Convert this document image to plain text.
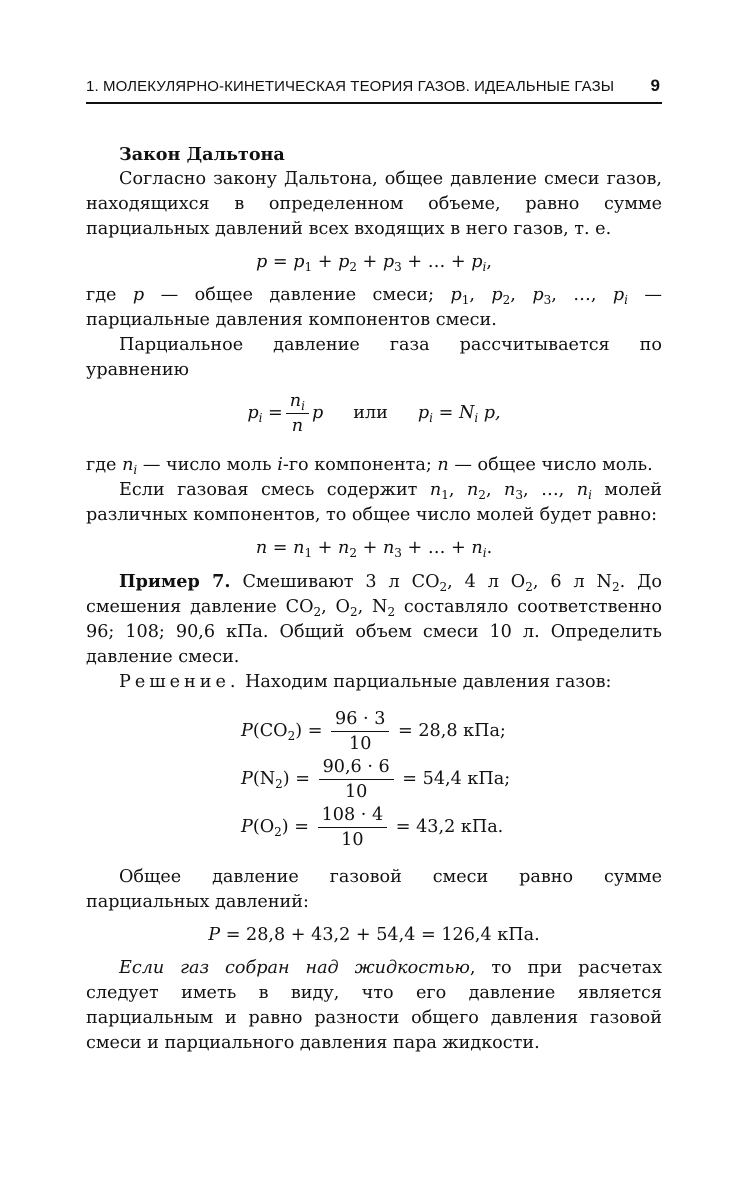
1. МОЛЕКУЛЯРНО-КИНЕТИЧЕСКАЯ ТЕОРИЯ ГАЗОВ. ИДЕАЛЬНЫЕ ГАЗЫ 9

Закон Дальтона

Согласно закону Дальтона, общее давление смеси газов, находящихся в определенном объеме, равно сумме парциальных давлений всех входящих в него газов, т. е.

$p = p_1 + p_2 + p_3$ + … + $p_i$,

где p — общее давление смеси; $p_1$, $p_2$, $p_3$, …, $p_i$ — парциальные давления компонентов смеси.

Парциальное давление газа рассчитывается по уравнению

$p_i = \frac{n_i}{n}$ p или $p_i = N_i$ p,

где $n_i$ — число моль i-го компонента; n — общее число моль.

Если газовая смесь содержит $n_1$, $n_2$, $n_3$, …, $n_i$ молей различных компонентов, то общее число молей будет равно:

$n = n_1 + n_2 + n_3$ + … + $n_i$.

Пример 7. Смешивают 3 л $CO_2$, 4 л $O_2$, 6 л $N_2$. До смешения давление $CO_2$, $O_2$, $N_2$ составляло соответственно 96; 108; 90,6 кПа. Общий объем смеси 10 л. Определить давление смеси.

Решение. Находим парциальные давления газов:

$P(CO_2) = \frac{96 \cdot 3}{10} = 28,8$ кПа;
$P(N_2) = \frac{90,6 \cdot 6}{10} = 54,4$ кПа;
$P(O_2) = \frac{108 \cdot 4}{10} = 43,2$ кПа.

Общее давление газовой смеси равно сумме парциальных давлений:

P = 28,8 + 43,2 + 54,4 = 126,4 кПа.

Если газ собран над жидкостью, то при расчетах следует иметь в виду, что его давление является парциальным и равно разности общего давления газовой смеси и парциального давления пара жидкости.
